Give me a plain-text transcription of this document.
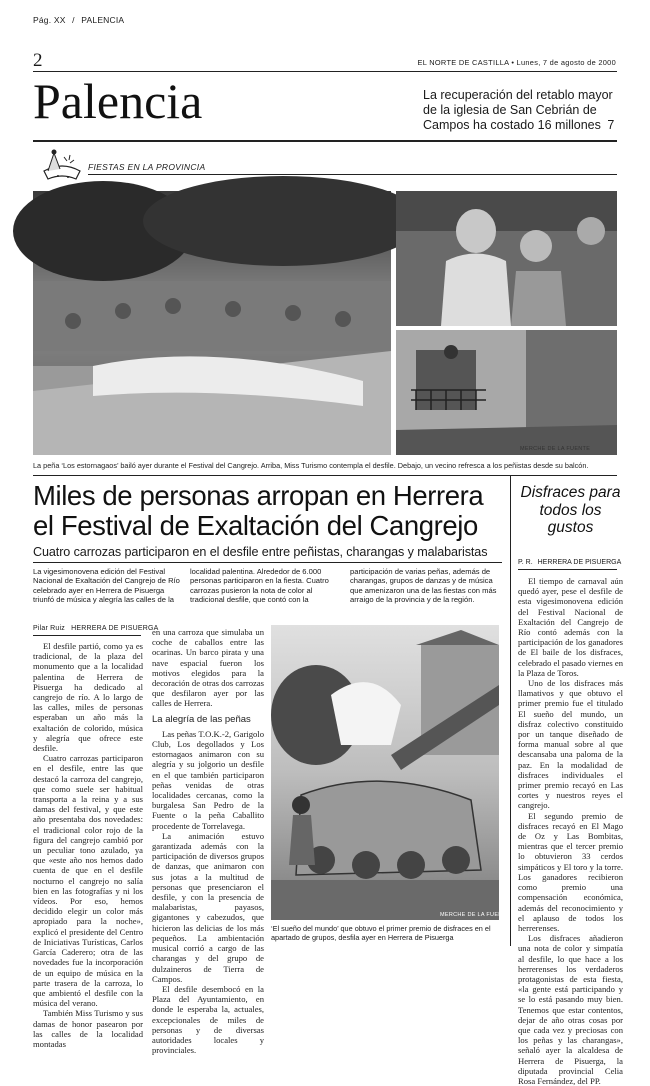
Pág. XX / PALENCIA
2	EL NORTE DE CASTILLA • Lunes, 7 de agosto de 2000
Palencia	La recuperación del retablo mayor de la iglesia de San Cebrián de Campos ha costado 16 millones 7
FIESTAS EN LA PROVINCIA
MERCHE DE LA FUENTE
La peña ‘Los estornagaos’ bailó ayer durante el Festival del Cangrejo. Arriba, Miss Turismo contempla el desfile. Debajo, un vecino refresca a los peñistas desde su balcón.
Miles de personas arropan en Herrera
el Festival de Exaltación del Cangrejo
Cuatro carrozas participaron en el desfile entre peñistas, charangas y malabaristas
La vigesimonovena edición del Festival Nacional de Exaltación del Cangrejo de Río celebrado ayer en Herrera de Pisuerga triunfó de música y alegría las calles de la
localidad palentina. Alrededor de 6.000 personas participaron en la fiesta. Cuatro carrozas pusieron la nota de color al tradicional desfile, que contó con la
participación de varias peñas, además de charangas, grupos de danzas y de música que amenizaron una de las fiestas con más arraigo de la provincia y de la región.
Pilar Ruiz HERRERA DE PISUERGA

El desfile partió, como ya es tradicional, de la plaza del monumento que a la localidad palentina de Herrera de Pisuerga ha dedicado al cangrejo de río. A lo largo de las calles, miles de personas esperaban un año más la exaltación de colorido, música y alegría que ofrece este desfile.

Cuatro carrozas participaron en el desfile, entre las que destacó la carroza del cangrejo, que como suele ser habitual transporta a la reina y a sus damas del festival, y que este año presentaba dos novedades: el tradicional color rojo de la figura del cangrejo cambió por un peculiar tono azulado, ya que «este año nos hemos dado cuenta de que en el desfile nocturno el cangrejo no salía bien en las fotografías y ni los vídeos. Por eso, hemos decidido elegir un color más apropiado para la noche», explicó el presidente del Centro de Iniciativas Turísticas, Carlos García Caderero; otra de las novedades fue la incorporación de un equipo de música en la parte trasera de la carroza, lo que ambientó el desfile con la música del verano.

También Miss Turismo y sus damas de honor pasearon por las calles de la localidad montadas

en una carroza que simulaba un coche de caballos entre las ocarinas. Un barco pirata y una nave espacial fueron los motivos elegidos para la decoración de otras dos carrozas que desfilaron ayer por las calles de Herrera.

La alegría de las peñas

Las peñas T.O.K.-2, Garigolo Club, Los degollados y Los estornagaos animaron con su alegría y su jolgorio un desfile en el que también participaron peñas venidas de otras localidades cercanas, como la burgalesa San Pedro de la Fuente o la peña Caballito procedente de Torrelavega.

La animación estuvo garantizada además con la participación de diversos grupos de danzas, que animaron con sus jotas a la multitud de personas que presenciaron el desfile, y con la presencia de malabaristas, payasos, gigantones y cabezudos, que hicieron las delicias de los más pequeños. La ambientación musical corrió a cargo de las charangas y del grupo de dulzaineros de Tierra de Campos.

El desfile desembocó en la Plaza del Ayuntamiento, en donde le esperaba la, actuales, excepcionales de miles de personas y de diversas autoridades locales y provinciales.

MERCHE DE LA FUENTE
‘El sueño del mundo’ que obtuvo el primer premio de disfraces en el apartado de grupos, desfila ayer en Herrera de Pisuerga
Disfraces para todos los gustos
P. R. HERRERA DE PISUERGA

El tiempo de carnaval aún quedó ayer, pese el desfile de esta vigesimonovena edición del Festival Nacional de Exaltación del Cangrejo de Río contó además con la participación de los ganadores de El baile de los disfraces, celebrado el pasado viernes en la Plaza de Toros.

Uno de los disfraces más llamativos y que obtuvo el primer premio fue el titulado El sueño del mundo, un disfraz colectivo constituido por un tanque diseñado de forma manual sobre al que descansaba una paloma de la paz. En la modalidad de disfraces individuales el primer premio recayó en Las cortes y nuestros reyes el cangrejo.

El segundo premio de disfraces recayó en El Mago de Oz y Las Bombitas, mientras que el tercer premio lo obtuvieron 33 cerdos simpáticos y El toro y la torre. Los ganadores recibieron como premio una compensación económica, además del reconocimiento y el aplauso de todos los herrerenses.

Los disfraces añadieron una nota de color y simpatía al desfile, lo que hace a los herrerenses los verdaderos protagonistas de esta fiesta, «la gente está participando y se lo está pasando muy bien. Tenemos que estar contentos, dejar de año otras cosas por que cada vez y preciosas con los peñas y las charangas», señaló ayer la alcaldesa de Herrera de Pisuerga, la diputada provincial Celia Rosa Fernández, del PP.
